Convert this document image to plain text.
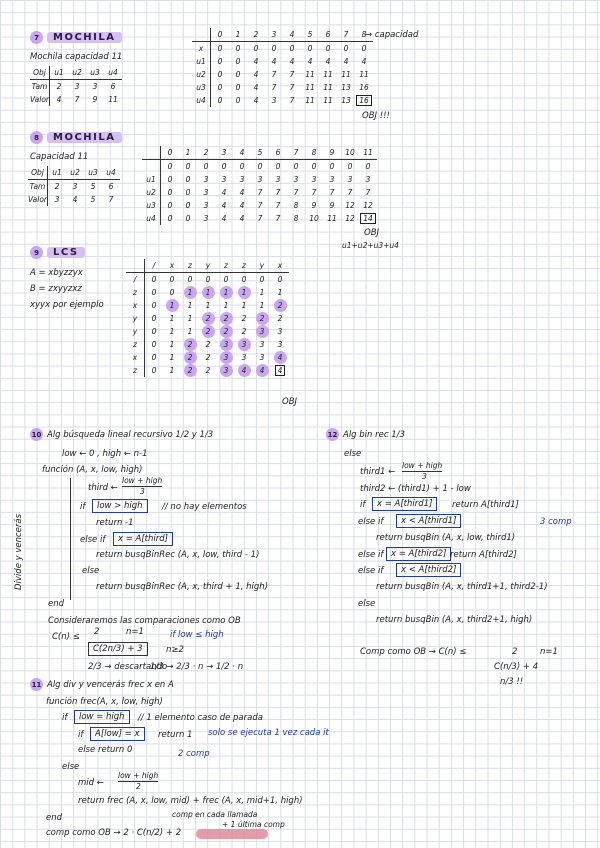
7	MOCHILA
Mochila capacidad 11
Obj	u1	u2	u3	u4
Tam	2	3	3	6
Valor	4	7	9	11
	0	1	2	3	4	5	6	7	8
x	0	0	0	0	0	0	0	0	0
u1	0	0	4	4	4	4	4	4	4
u2	0	0	4	7	7	11	11	11	11
u3	0	0	4	7	7	11	11	13	16
u4	0	0	4	3	7	11	11	13	16
→ capacidad
OBJ !!!
8	MOCHILA
Capacidad 11
Obj	u1	u2	u3	u4
Tam	2	3	5	6
Valor	3	4	5	7
	0	1	2	3	4	5	6	7	8	9	10	11
	0	0	0	0	0	0	0	0	0	0	0	0
u1	0	0	3	3	3	3	3	3	3	3	3	3
u2	0	0	3	4	4	7	7	7	7	7	7	7
u3	0	0	3	4	4	7	7	8	9	9	12	12
u4	0	0	3	4	4	7	7	8	10	11	12	14
OBJ
u1+u2+u3+u4
9	LCS
A = xbyzzyx
B = zxyyzxz
xyyx por ejemplo
	/	x	z	y	z	z	y	x
/	0	0	0	0	0	0	0	0
z	0	0	1	1	1	1	1	1
x	0	1	1	1	1	1	1	2
y	0	1	1	2	2	2	2	2
y	0	1	1	2	2	2	3	3
z	0	1	2	2	3	3	3	3
x	0	1	2	2	3	3	3	4
z	0	1	2	2	3	4	4	4
OBJ
10 Alg búsqueda lineal recursivo 1/2 y 1/3
low ← 0 , high ← n-1
función (A, x, low, high)
third ←
low + high
3
if	low > high	// no hay elementos
return -1
else if	x = A[third]
return busqBinRec (A, x, low, third - 1)
else
return busqBinRec (A, x, third + 1, high)
end
Divide y vencerás
Consideraremos las comparaciones como OB
C(n) ≤ 2	n=1	if low ≤ high
C(2n/3) + 3	n≥2
2/3 → descartando
1/3 → 2/3 · n → 1/2 · n
11 Alg div y vencerás frec x en A
función frec(A, x, low, high)
if	low = high	// 1 elemento caso de parada
if	A[low] = x	return 1 solo se ejecuta 1 vez cada it
else return 0	2 comp
else
mid ←
low + high
2
return frec (A, x, low, mid) + frec (A, x, mid+1, high)
end	comp en cada llamada
comp como OB → 2 · C(n/2) + 2
+ 1 última comp
12 Alg bin rec 1/3
else
third1 ←
low + high
3
third2 ← (third1) + 1 - low
if	x = A[third1]	return A[third1]
else if	x < A[third1]	3 comp
return busqBin (A, x, low, third1)
else if x = A[third2] return A[third2]
else if	x < A[third2]
return busqBin (A, x, third1+1, third2-1)
else
return busqBin (A, x, third2+1, high)
Comp como OB → C(n) ≤	2	n=1
C(n/3) + 4
n/3 !!
